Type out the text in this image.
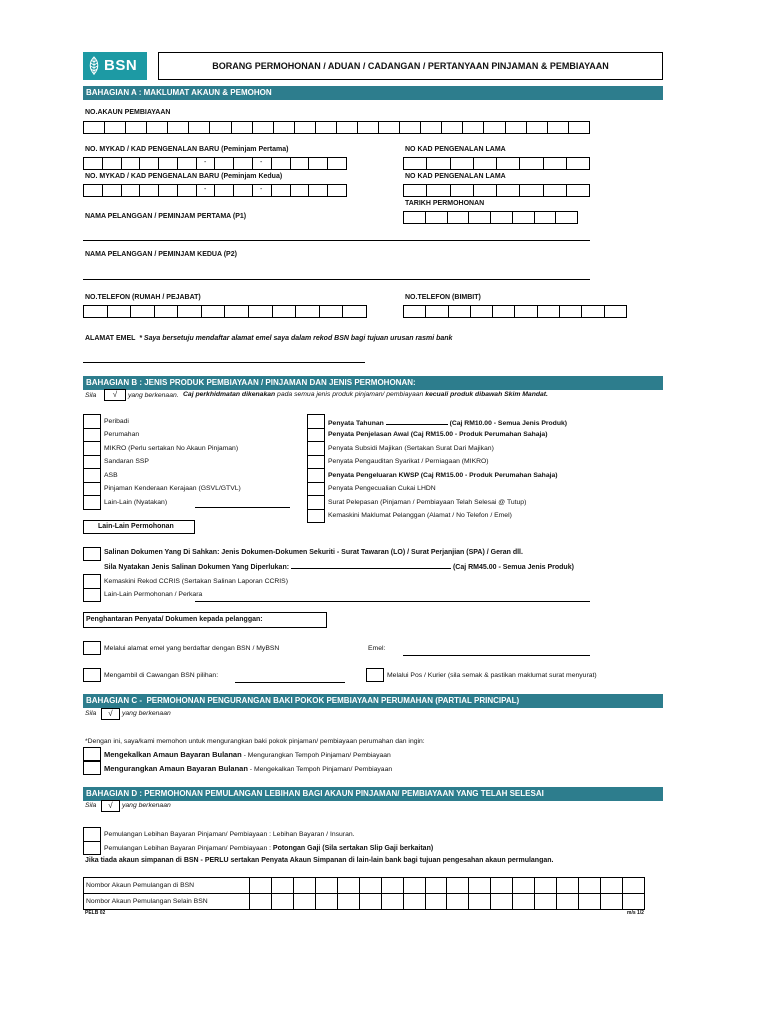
BSN	BORANG PERMOHONAN / ADUAN / CADANGAN / PERTANYAAN PINJAMAN & PEMBIAYAAN
BAHAGIAN A : MAKLUMAT AKAUN & PEMOHON
NO.AKAUN PEMBIAYAAN
NO. MYKAD / KAD PENGENALAN BARU (Peminjam Pertama)
-	-
NO KAD PENGENALAN LAMA
NO. MYKAD / KAD PENGENALAN BARU (Peminjam Kedua)
-	-
NO KAD PENGENALAN LAMA
TARIKH PERMOHONAN
NAMA PELANGGAN / PEMINJAM PERTAMA (P1)
NAMA PELANGGAN / PEMINJAM KEDUA (P2)
NO.TELEFON (RUMAH / PEJABAT)	NO.TELEFON (BIMBIT)
ALAMAT EMEL * Saya bersetuju mendaftar alamat emel saya dalam rekod BSN bagi tujuan urusan rasmi bank
BAHAGIAN B : JENIS PRODUK PEMBIAYAAN / PINJAMAN DAN JENIS PERMOHONAN:
Sila	√	yang berkenaan. Caj perkhidmatan dikenakan pada semua jenis produk pinjaman/ pembiayaan kecuali produk dibawah Skim Mandat.
Peribadi
Perumahan
MIKRO (Perlu sertakan No Akaun Pinjaman)
Sandaran SSP
ASB
Pinjaman Kenderaan Kerajaan (GSVL/GTVL)
Lain-Lain (Nyatakan)
Penyata Tahunan	(Caj RM10.00 - Semua Jenis Produk)
Penyata Penjelasan Awal (Caj RM15.00 - Produk Perumahan Sahaja)
Penyata Subsidi Majikan (Sertakan Surat Dari Majikan)
Penyata Pengauditan Syarikat / Perniagaan (MIKRO)
Penyata Pengeluaran KWSP (Caj RM15.00 - Produk Perumahan Sahaja)
Penyata Pengecualian Cukai LHDN
Surat Pelepasan (Pinjaman / Pembiayaan Telah Selesai @ Tutup)
Kemaskini Maklumat Pelanggan (Alamat / No Telefon / Emel)
Lain-Lain Permohonan
Salinan Dokumen Yang Di Sahkan: Jenis Dokumen-Dokumen Sekuriti - Surat Tawaran (LO) / Surat Perjanjian (SPA) / Geran dll.
Sila Nyatakan Jenis Salinan Dokumen Yang Diperlukan:	(Caj RM45.00 - Semua Jenis Produk)
Kemaskini Rekod CCRIS (Sertakan Salinan Laporan CCRIS)
Lain-Lain Permohonan / Perkara
Penghantaran Penyata/ Dokumen kepada pelanggan:
Melalui alamat emel yang berdaftar dengan BSN / MyBSN	Emel:
Mengambil di Cawangan BSN pilihan:	Melalui Pos / Kurier (sila semak & pastikan maklumat surat menyurat)
BAHAGIAN C -  PERMOHONAN PENGURANGAN BAKI POKOK PEMBIAYAAN PERUMAHAN (PARTIAL PRINCIPAL)
Sila	√	yang berkenaan
*Dengan ini, saya/kami memohon untuk mengurangkan baki pokok pinjaman/ pembiayaan perumahan dan ingin:
Mengekalkan Amaun Bayaran Bulanan - Mengurangkan Tempoh Pinjaman/ Pembiayaan
Mengurangkan Amaun Bayaran Bulanan - Mengekalkan Tempoh Pinjaman/ Pembiayaan
BAHAGIAN D : PERMOHONAN PEMULANGAN LEBIHAN BAGI AKAUN PINJAMAN/ PEMBIAYAAN YANG TELAH SELESAI
Sila	√	yang berkenaan
Pemulangan Lebihan Bayaran Pinjaman/ Pembiayaan : Lebihan Bayaran / Insuran.
Pemulangan Lebihan Bayaran Pinjaman/ Pembiayaan : Potongan Gaji (Sila sertakan Slip Gaji berkaitan)
Jika tiada akaun simpanan di BSN - PERLU sertakan Penyata Akaun Simpanan di lain-lain bank bagi tujuan pengesahan akaun permulangan.
Nombor Akaun Pemulangan di BSN
Nombor Akaun Pemulangan Selain BSN
PELB 02	m/s 1/2
